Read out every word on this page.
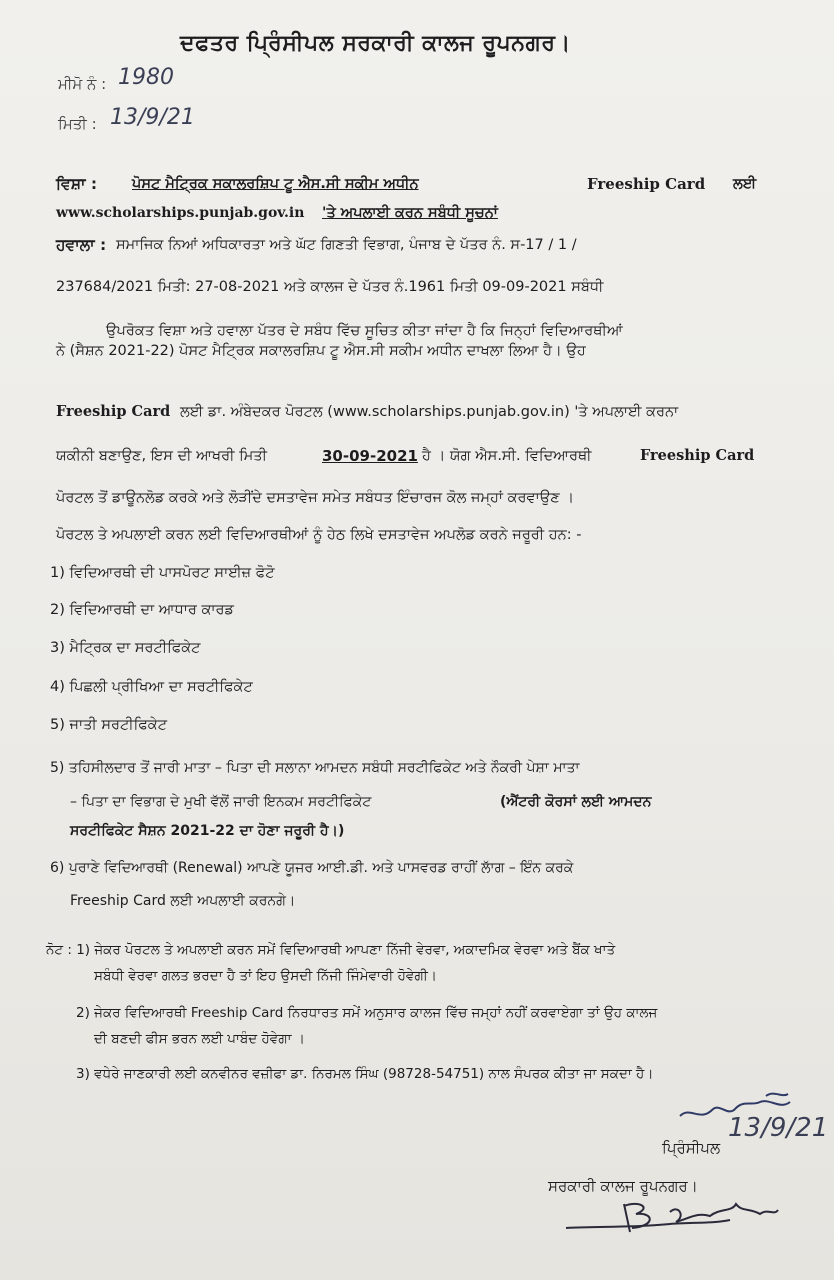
ਦਫਤਰ ਪ੍ਰਿੰਸੀਪਲ ਸਰਕਾਰੀ ਕਾਲਜ ਰੂਪਨਗਰ।
ਮੀਮੋ ਨੰ : 1980
ਮਿਤੀ : 13/9/21
ਵਿਸ਼ਾ : ਪੋਸਟ ਮੈਟ੍ਰਿਕ ਸਕਾਲਰਸ਼ਿਪ ਟੂ ਐਸ.ਸੀ ਸਕੀਮ ਅਧੀਨ	Freeship Card ਲਈ
www.scholarships.punjab.gov.in 'ਤੇ ਅਪਲਾਈ ਕਰਨ ਸਬੰਧੀ ਸੂਚਨਾਂ
ਹਵਾਲਾ : ਸਮਾਜਿਕ ਨਿਆਂ ਅਧਿਕਾਰਤਾ ਅਤੇ ਘੱਟ ਗਿਣਤੀ ਵਿਭਾਗ, ਪੰਜਾਬ ਦੇ ਪੱਤਰ ਨੰ. ਸ-17 / 1 /
237684/2021 ਮਿਤੀ: 27-08-2021 ਅਤੇ ਕਾਲਜ ਦੇ ਪੱਤਰ ਨੰ.1961 ਮਿਤੀ 09-09-2021 ਸਬੰਧੀ
ਉਪਰੋਕਤ ਵਿਸ਼ਾ ਅਤੇ ਹਵਾਲਾ ਪੱਤਰ ਦੇ ਸਬੰਧ ਵਿੱਚ ਸੂਚਿਤ ਕੀਤਾ ਜਾਂਦਾ ਹੈ ਕਿ ਜਿਨ੍ਹਾਂ ਵਿਦਿਆਰਥੀਆਂ
ਨੇ (ਸੈਸ਼ਨ 2021-22) ਪੋਸਟ ਮੈਟ੍ਰਿਕ ਸਕਾਲਰਸ਼ਿਪ ਟੂ ਐਸ.ਸੀ ਸਕੀਮ ਅਧੀਨ ਦਾਖਲਾ ਲਿਆ ਹੈ। ਉਹ
Freeship Card ਲਈ ਡਾ. ਅੰਬੇਦਕਰ ਪੋਰਟਲ (www.scholarships.punjab.gov.in) 'ਤੇ ਅਪਲਾਈ ਕਰਨਾ
ਯਕੀਨੀ ਬਣਾਉਣ, ਇਸ ਦੀ ਆਖਰੀ ਮਿਤੀ	30-09-2021 ਹੈ । ਯੋਗ ਐਸ.ਸੀ. ਵਿਦਿਆਰਥੀ	Freeship Card
ਪੋਰਟਲ ਤੋਂ ਡਾਊਨਲੋਡ ਕਰਕੇ ਅਤੇ ਲੋੜੀਂਦੇ ਦਸਤਾਵੇਜ ਸਮੇਤ ਸਬੰਧਤ ਇੰਚਾਰਜ ਕੋਲ ਜਮ੍ਹਾਂ ਕਰਵਾਉਣ ।
ਪੋਰਟਲ ਤੇ ਅਪਲਾਈ ਕਰਨ ਲਈ ਵਿਦਿਆਰਥੀਆਂ ਨੂੰ ਹੇਠ ਲਿਖੇ ਦਸਤਾਵੇਜ ਅਪਲੋਡ ਕਰਨੇ ਜਰੂਰੀ ਹਨ: -
1) ਵਿਦਿਆਰਥੀ ਦੀ ਪਾਸਪੋਰਟ ਸਾਈਜ਼ ਫੋਟੋ
2) ਵਿਦਿਆਰਥੀ ਦਾ ਆਧਾਰ ਕਾਰਡ
3) ਮੈਟ੍ਰਿਕ ਦਾ ਸਰਟੀਫਿਕੇਟ
4) ਪਿਛਲੀ ਪ੍ਰੀਖਿਆ ਦਾ ਸਰਟੀਫਿਕੇਟ
5) ਜਾਤੀ ਸਰਟੀਫਿਕੇਟ
5) ਤਹਿਸੀਲਦਾਰ ਤੋਂ ਜਾਰੀ ਮਾਤਾ – ਪਿਤਾ ਦੀ ਸਲਾਨਾ ਆਮਦਨ ਸਬੰਧੀ ਸਰਟੀਫਿਕੇਟ ਅਤੇ ਨੌਕਰੀ ਪੇਸ਼ਾ ਮਾਤਾ
– ਪਿਤਾ ਦਾ ਵਿਭਾਗ ਦੇ ਮੁਖੀ ਵੱਲੋਂ ਜਾਰੀ ਇਨਕਮ ਸਰਟੀਫਿਕੇਟ	(ਐਂਟਰੀ ਕੋਰਸਾਂ ਲਈ ਆਮਦਨ
ਸਰਟੀਫਿਕੇਟ ਸੈਸ਼ਨ 2021-22 ਦਾ ਹੋਣਾ ਜਰੂਰੀ ਹੈ।)
6) ਪੁਰਾਣੇ ਵਿਦਿਆਰਥੀ (Renewal) ਆਪਣੇ ਯੂਜਰ ਆਈ.ਡੀ. ਅਤੇ ਪਾਸਵਰਡ ਰਾਹੀਂ ਲਾੱਗ – ਇੰਨ ਕਰਕੇ
Freeship Card ਲਈ ਅਪਲਾਈ ਕਰਨਗੇ।
ਨੋਟ : 1) ਜੇਕਰ ਪੋਰਟਲ ਤੇ ਅਪਲਾਈ ਕਰਨ ਸਮੇਂ ਵਿਦਿਆਰਥੀ ਆਪਣਾ ਨਿੱਜੀ ਵੇਰਵਾ, ਅਕਾਦਮਿਕ ਵੇਰਵਾ ਅਤੇ ਬੈਂਕ ਖਾਤੇ
ਸਬੰਧੀ ਵੇਰਵਾ ਗਲਤ ਭਰਦਾ ਹੈ ਤਾਂ ਇਹ ਉਸਦੀ ਨਿੱਜੀ ਜਿੰਮੇਵਾਰੀ ਹੋਵੇਗੀ।
2) ਜੇਕਰ ਵਿਦਿਆਰਥੀ Freeship Card ਨਿਰਧਾਰਤ ਸਮੇਂ ਅਨੁਸਾਰ ਕਾਲਜ ਵਿੱਚ ਜਮ੍ਹਾਂ ਨਹੀਂ ਕਰਵਾਏਗਾ ਤਾਂ ਉਹ ਕਾਲਜ
ਦੀ ਬਣਦੀ ਫੀਸ ਭਰਨ ਲਈ ਪਾਬੰਦ ਹੋਵੇਗਾ ।
3) ਵਧੇਰੇ ਜਾਣਕਾਰੀ ਲਈ ਕਨਵੀਨਰ ਵਜ਼ੀਫਾ ਡਾ. ਨਿਰਮਲ ਸਿੰਘ (98728-54751) ਨਾਲ ਸੰਪਰਕ ਕੀਤਾ ਜਾ ਸਕਦਾ ਹੈ।
13/9/21
ਪ੍ਰਿੰਸੀਪਲ
ਸਰਕਾਰੀ ਕਾਲਜ ਰੂਪਨਗਰ।
